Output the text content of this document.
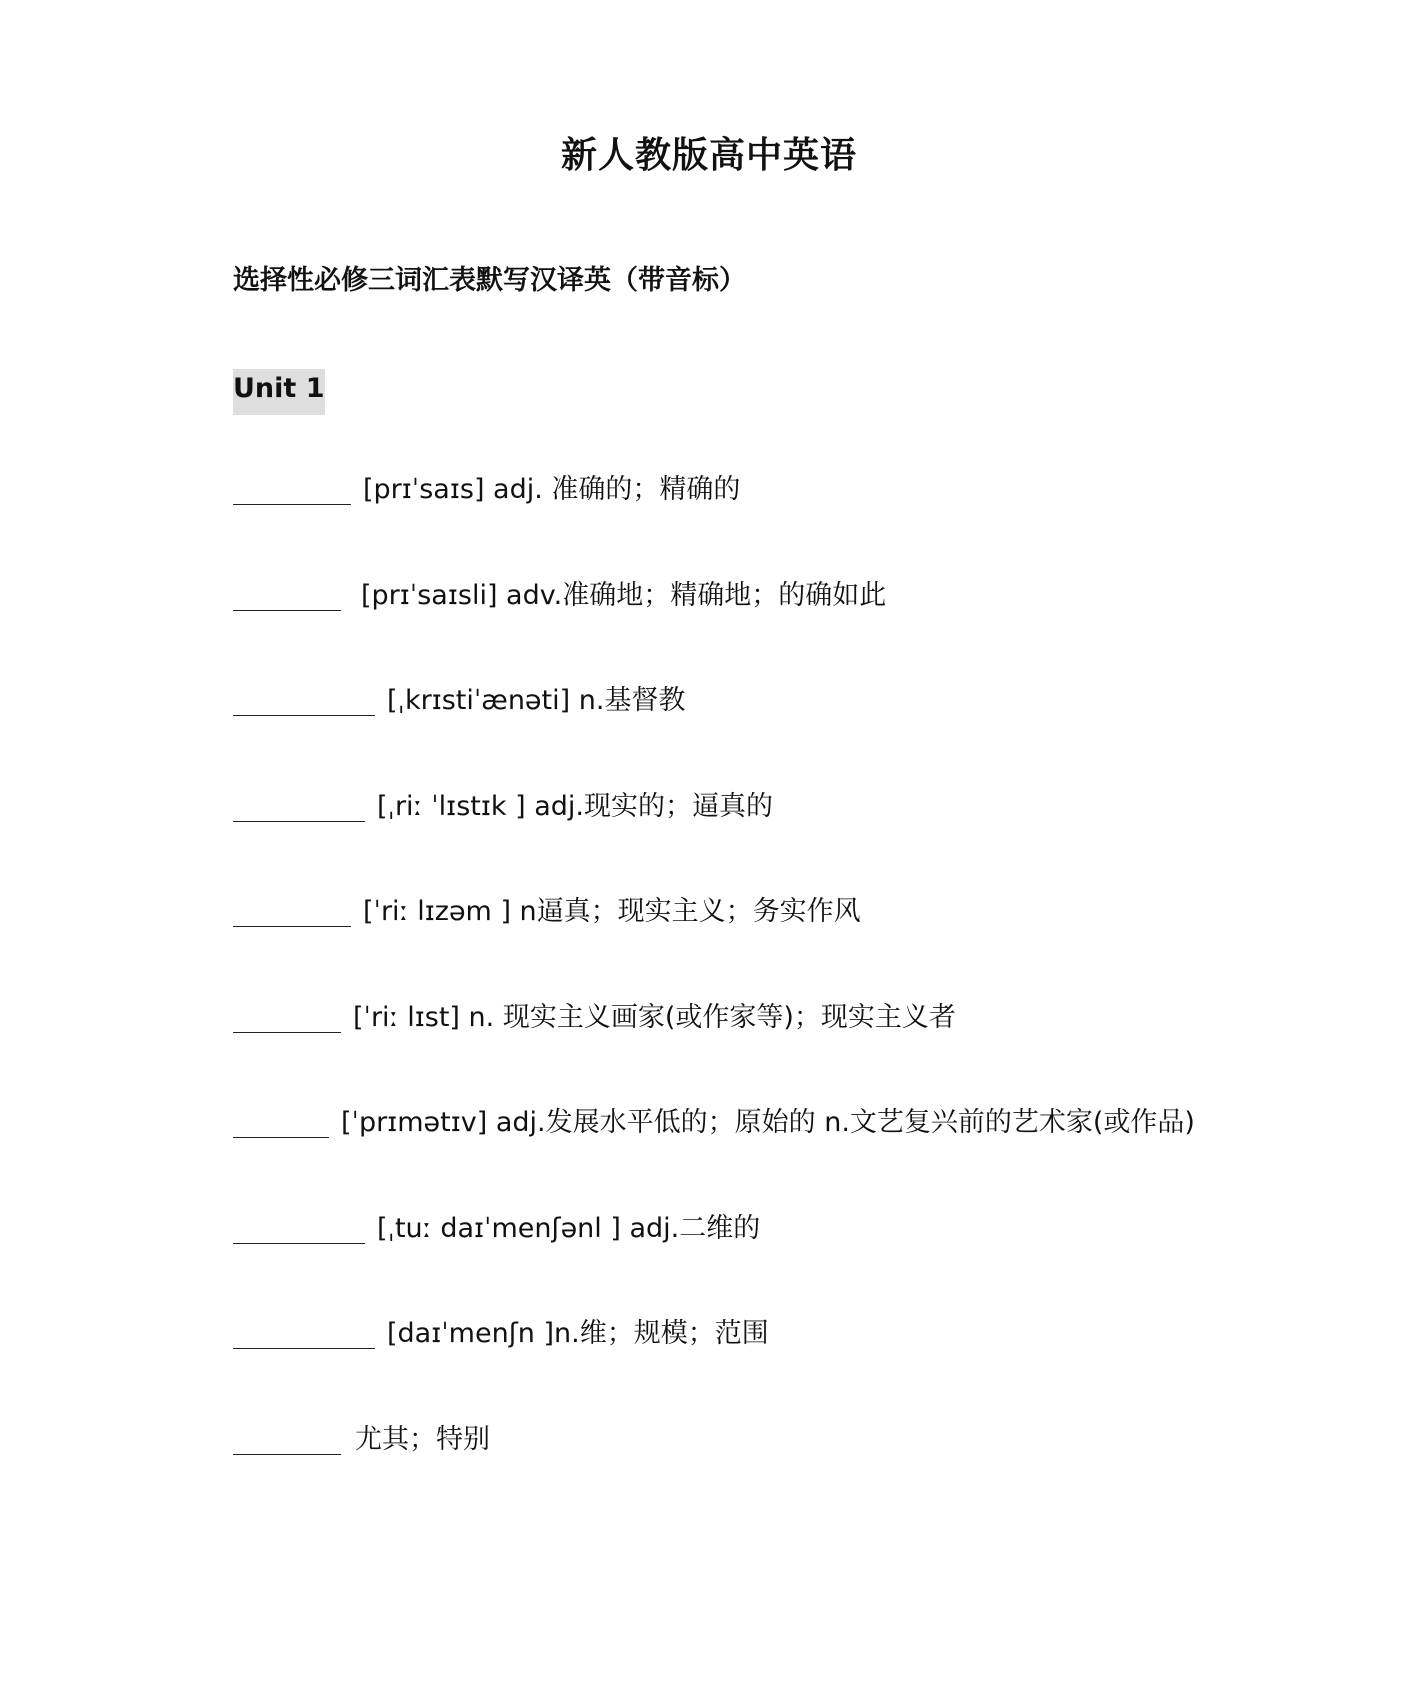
新人教版高中英语
选择性必修三词汇表默写汉译英（带音标）
Unit 1
[prɪˈsaɪs] adj. 准确的；精确的
[prɪˈsaɪsli] adv.准确地；精确地；的确如此
[ˌkrɪstiˈænəti] n.基督教
[ˌriː ˈlɪstɪk ] adj.现实的；逼真的
[ˈriː lɪzəm ] n逼真；现实主义；务实作风
[ˈriː lɪst] n. 现实主义画家(或作家等)；现实主义者
[ˈprɪmətɪv] adj.发展水平低的；原始的 n.文艺复兴前的艺术家(或作品)
[ˌtuː daɪˈmenʃənl ] adj.二维的
[daɪˈmenʃn ]n.维；规模；范围
尤其；特别
